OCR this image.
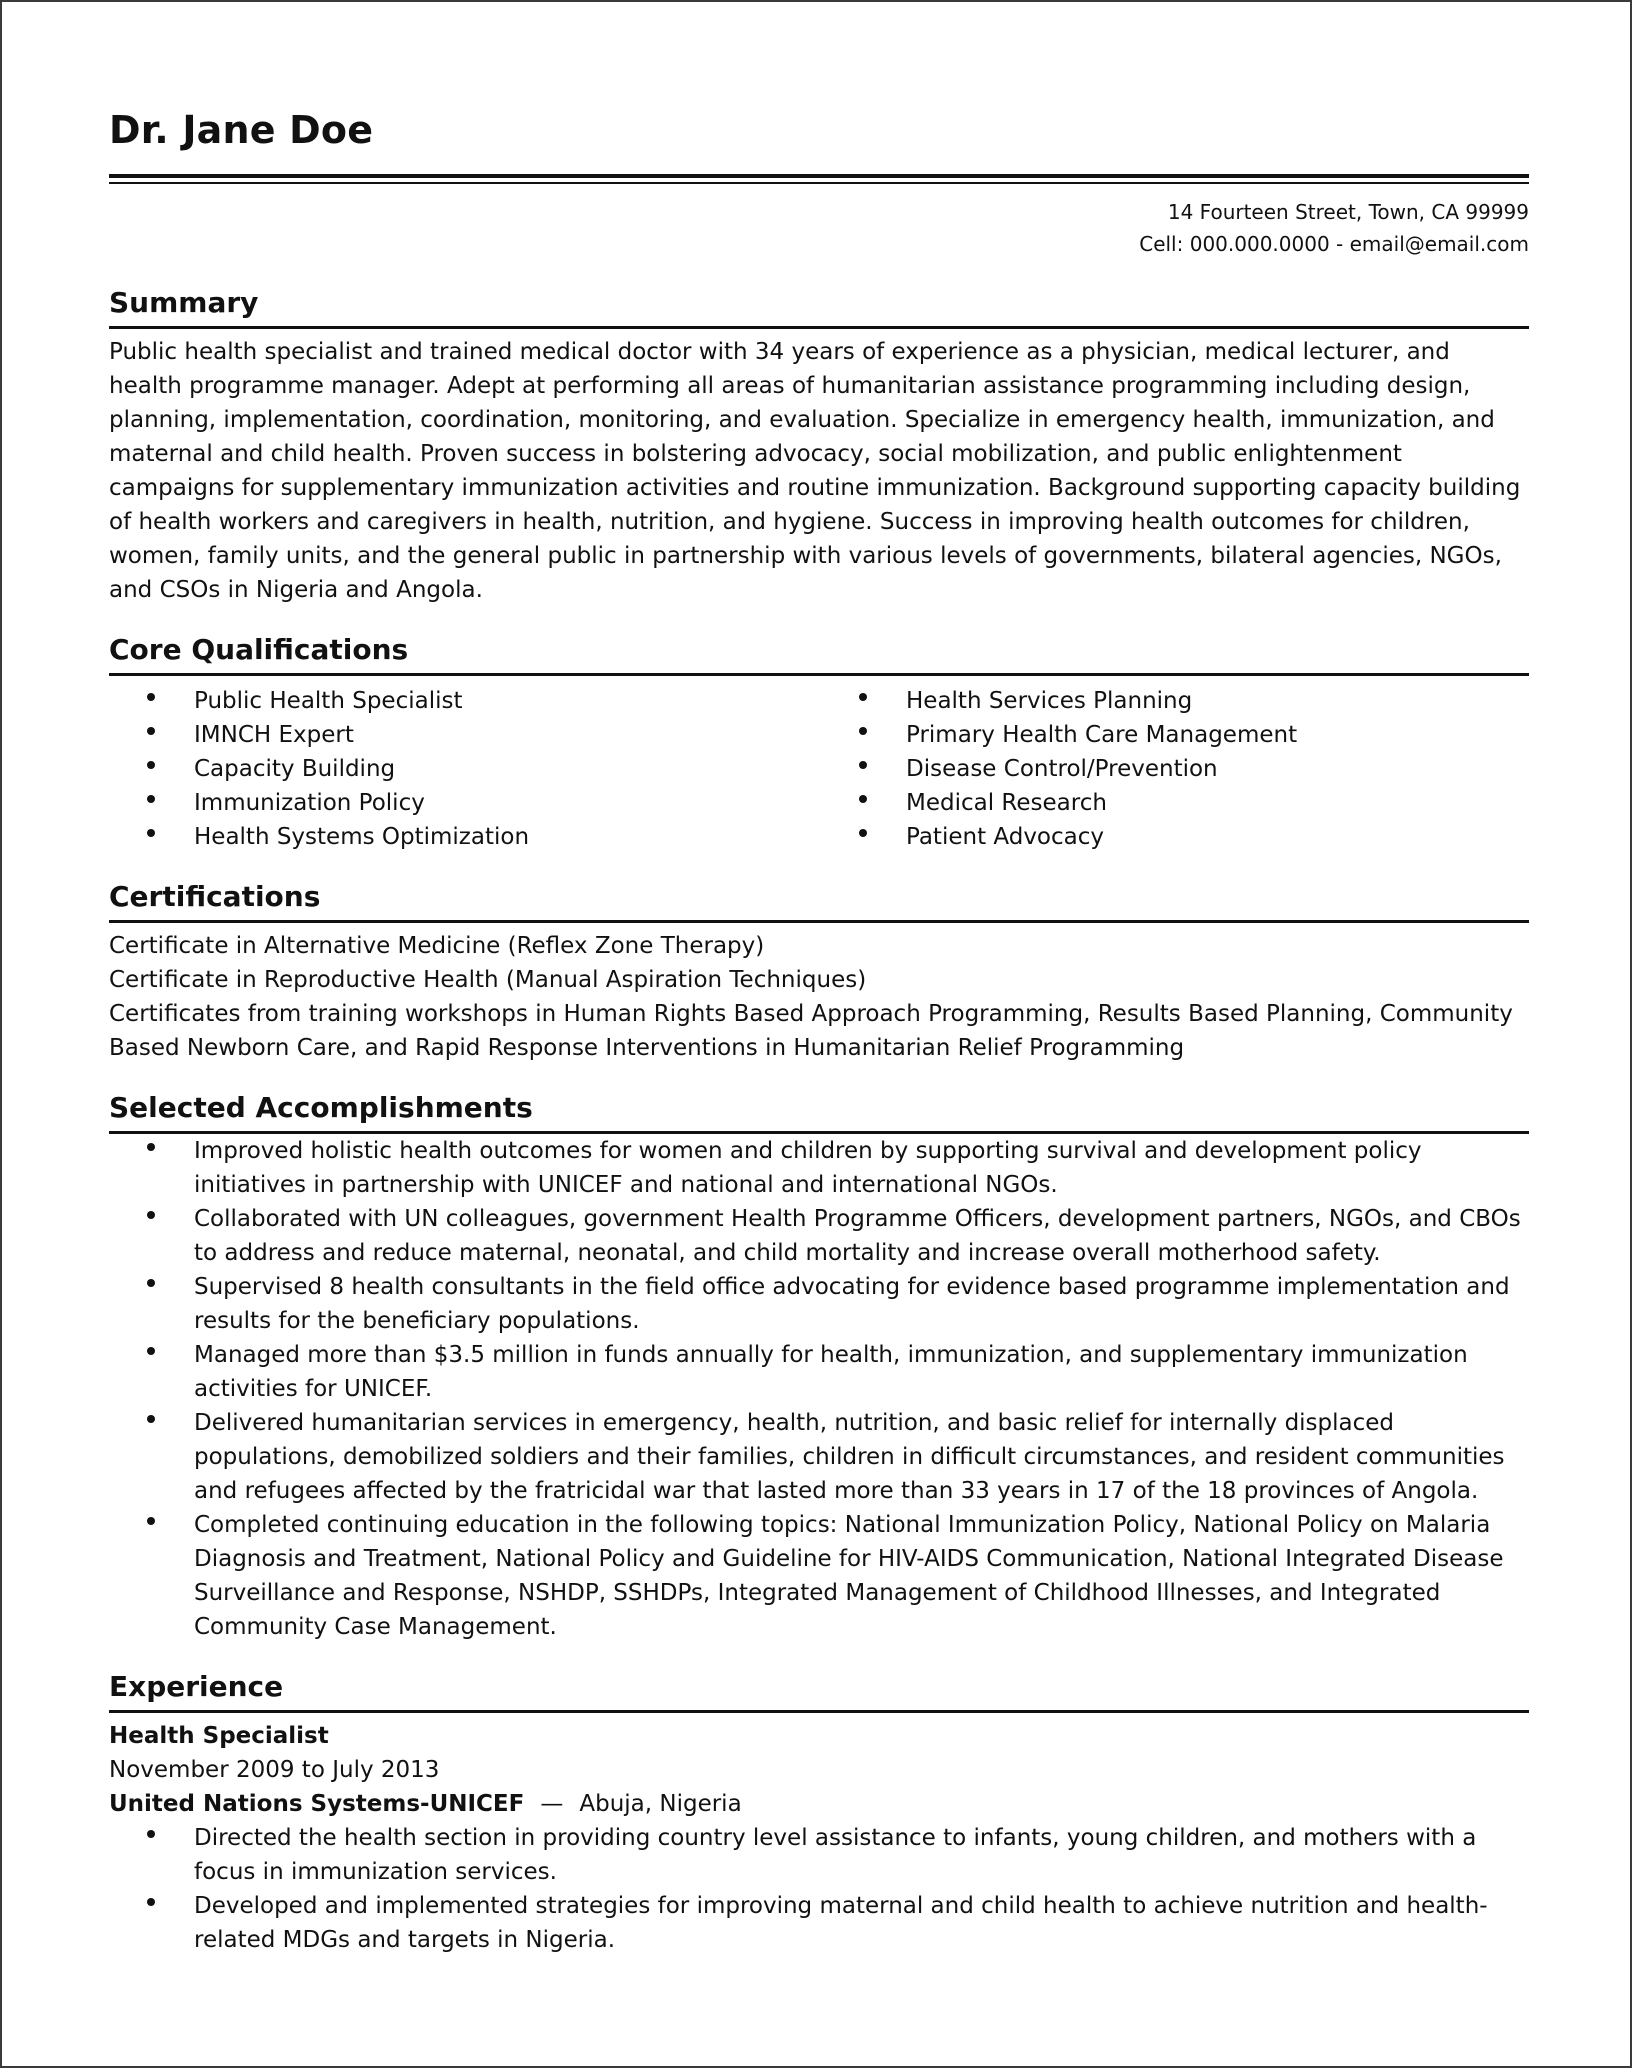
Dr. Jane Doe
14 Fourteen Street, Town, CA 99999
Cell: 000.000.0000 - email@email.com
Summary

Public health specialist and trained medical doctor with 34 years of experience as a physician, medical lecturer, and health programme manager. Adept at performing all areas of humanitarian assistance programming including design, planning, implementation, coordination, monitoring, and evaluation. Specialize in emergency health, immunization, and maternal and child health. Proven success in bolstering advocacy, social mobilization, and public enlightenment campaigns for supplementary immunization activities and routine immunization. Background supporting capacity building of health workers and caregivers in health, nutrition, and hygiene. Success in improving health outcomes for children, women, family units, and the general public in partnership with various levels of governments, bilateral agencies, NGOs, and CSOs in Nigeria and Angola.

Core Qualifications
Public Health Specialist
IMNCH Expert
Capacity Building
Immunization Policy
Health Systems Optimization
Health Services Planning
Primary Health Care Management
Disease Control/Prevention
Medical Research
Patient Advocacy
Certifications
Certificate in Alternative Medicine (Reflex Zone Therapy)
Certificate in Reproductive Health (Manual Aspiration Techniques)
Certificates from training workshops in Human Rights Based Approach Programming, Results Based Planning, Community Based Newborn Care, and Rapid Response Interventions in Humanitarian Relief Programming
Selected Accomplishments
Improved holistic health outcomes for women and children by supporting survival and development policy initiatives in partnership with UNICEF and national and international NGOs.
Collaborated with UN colleagues, government Health Programme Officers, development partners, NGOs, and CBOs to address and reduce maternal, neonatal, and child mortality and increase overall motherhood safety.
Supervised 8 health consultants in the field office advocating for evidence based programme implementation and results for the beneficiary populations.
Managed more than $3.5 million in funds annually for health, immunization, and supplementary immunization activities for UNICEF.
Delivered humanitarian services in emergency, health, nutrition, and basic relief for internally displaced populations, demobilized soldiers and their families, children in difficult circumstances, and resident communities and refugees affected by the fratricidal war that lasted more than 33 years in 17 of the 18 provinces of Angola.
Completed continuing education in the following topics: National Immunization Policy, National Policy on Malaria Diagnosis and Treatment, National Policy and Guideline for HIV-AIDS Communication, National Integrated Disease Surveillance and Response, NSHDP, SSHDPs, Integrated Management of Childhood Illnesses, and Integrated Community Case Management.
Experience
Health Specialist
November 2009 to July 2013
United Nations Systems-UNICEF — Abuja, Nigeria
Directed the health section in providing country level assistance to infants, young children, and mothers with a focus in immunization services.
Developed and implemented strategies for improving maternal and child health to achieve nutrition and health-related MDGs and targets in Nigeria.
